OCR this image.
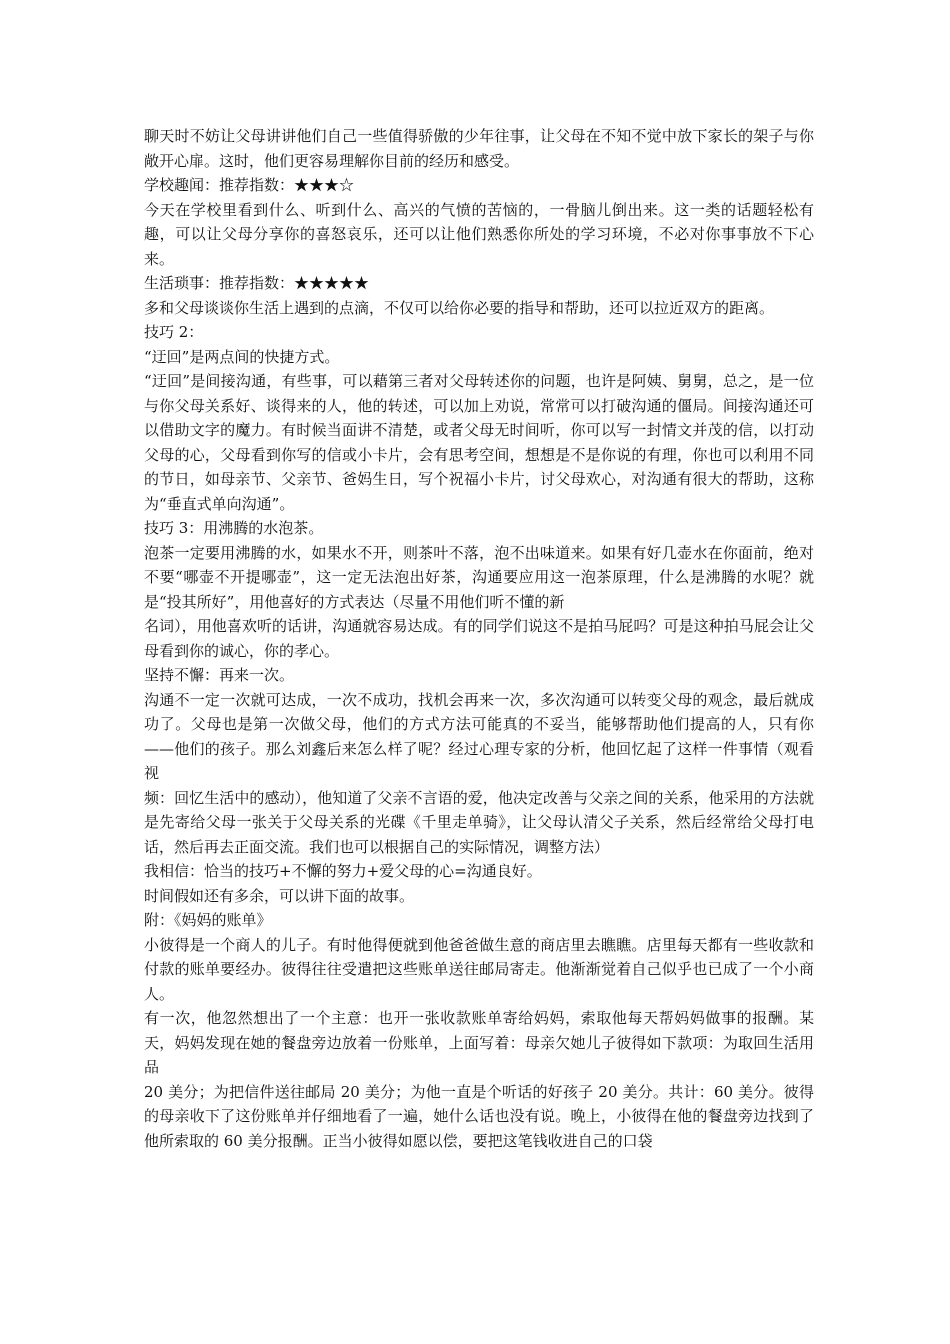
聊天时不妨让父母讲讲他们自己一些值得骄傲的少年往事，让父母在不知不觉中放下家长的架子与你敞开心扉。这时，他们更容易理解你目前的经历和感受。

学校趣闻：推荐指数：★★★☆

今天在学校里看到什么、听到什么、高兴的气愤的苦恼的，一骨脑儿倒出来。这一类的话题轻松有趣，可以让父母分享你的喜怒哀乐，还可以让他们熟悉你所处的学习环境，不必对你事事放不下心来。

生活琐事：推荐指数：★★★★★

多和父母谈谈你生活上遇到的点滴，不仅可以给你必要的指导和帮助，还可以拉近双方的距离。

技巧 2：

“迂回”是两点间的快捷方式。

“迂回”是间接沟通，有些事，可以藉第三者对父母转述你的问题，也许是阿姨、舅舅，总之，是一位与你父母关系好、谈得来的人，他的转述，可以加上劝说，常常可以打破沟通的僵局。间接沟通还可以借助文字的魔力。有时候当面讲不清楚，或者父母无时间听，你可以写一封情文并茂的信，以打动父母的心，父母看到你写的信或小卡片，会有思考空间，想想是不是你说的有理，你也可以利用不同的节日，如母亲节、父亲节、爸妈生日，写个祝福小卡片，讨父母欢心，对沟通有很大的帮助，这称为“垂直式单向沟通”。

技巧 3：用沸腾的水泡茶。

泡茶一定要用沸腾的水，如果水不开，则茶叶不落，泡不出味道来。如果有好几壶水在你面前，绝对不要“哪壶不开提哪壶”，这一定无法泡出好茶，沟通要应用这一泡茶原理，什么是沸腾的水呢？就是“投其所好”，用他喜好的方式表达（尽量不用他们听不懂的新

名词），用他喜欢听的话讲，沟通就容易达成。有的同学们说这不是拍马屁吗？可是这种拍马屁会让父母看到你的诚心，你的孝心。

坚持不懈：再来一次。

沟通不一定一次就可达成，一次不成功，找机会再来一次，多次沟通可以转变父母的观念，最后就成功了。父母也是第一次做父母，他们的方式方法可能真的不妥当，能够帮助他们提高的人，只有你——他们的孩子。那么刘鑫后来怎么样了呢？经过心理专家的分析，他回忆起了这样一件事情（观看视

频：回忆生活中的感动），他知道了父亲不言语的爱，他决定改善与父亲之间的关系，他采用的方法就是先寄给父母一张关于父母关系的光碟《千里走单骑》，让父母认清父子关系，然后经常给父母打电话，然后再去正面交流。我们也可以根据自己的实际情况，调整方法）

我相信：恰当的技巧+不懈的努力+爱父母的心=沟通良好。

时间假如还有多余，可以讲下面的故事。

附：《妈妈的账单》

小彼得是一个商人的儿子。有时他得便就到他爸爸做生意的商店里去瞧瞧。店里每天都有一些收款和付款的账单要经办。彼得往往受遣把这些账单送往邮局寄走。他渐渐觉着自己似乎也已成了一个小商人。

有一次，他忽然想出了一个主意：也开一张收款账单寄给妈妈，索取他每天帮妈妈做事的报酬。某天，妈妈发现在她的餐盘旁边放着一份账单，上面写着：母亲欠她儿子彼得如下款项：为取回生活用品

20 美分；为把信件送往邮局 20 美分；为他一直是个听话的好孩子 20 美分。共计：60 美分。彼得的母亲收下了这份账单并仔细地看了一遍，她什么话也没有说。晚上，小彼得在他的餐盘旁边找到了他所索取的 60 美分报酬。正当小彼得如愿以偿，要把这笔钱收进自己的口袋
